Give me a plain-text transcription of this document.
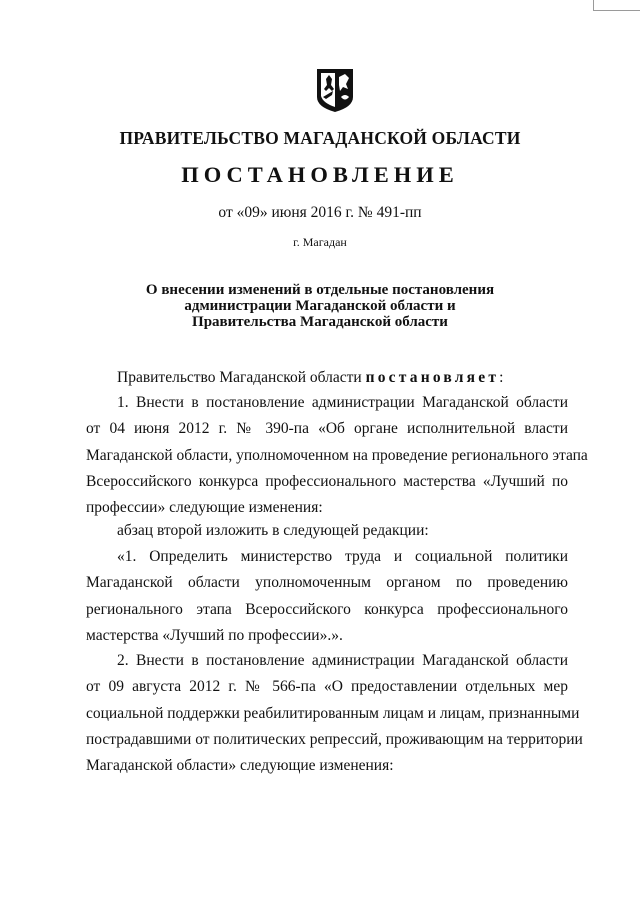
ПРАВИТЕЛЬСТВО МАГАДАНСКОЙ ОБЛАСТИ
ПОСТАНОВЛЕНИЕ
от «09» июня 2016 г. № 491-пп
г. Магадан
О внесении изменений в отдельные постановления
администрации Магаданской области и
Правительства Магаданской области
Правительство Магаданской области постановляет:
1. Внести в постановление администрации Магаданской области
от 04 июня 2012 г. № 390-па «Об органе исполнительной власти
Магаданской области, уполномоченном на проведение регионального этапа
Всероссийского конкурса профессионального мастерства «Лучший по
профессии» следующие изменения:
абзац второй изложить в следующей редакции:
«1. Определить министерство труда и социальной политики
Магаданской области уполномоченным органом по проведению
регионального этапа Всероссийского конкурса профессионального
мастерства «Лучший по профессии».».
2. Внести в постановление администрации Магаданской области
от 09 августа 2012 г. № 566-па «О предоставлении отдельных мер
социальной поддержки реабилитированным лицам и лицам, признанными
пострадавшими от политических репрессий, проживающим на территории
Магаданской области» следующие изменения:
